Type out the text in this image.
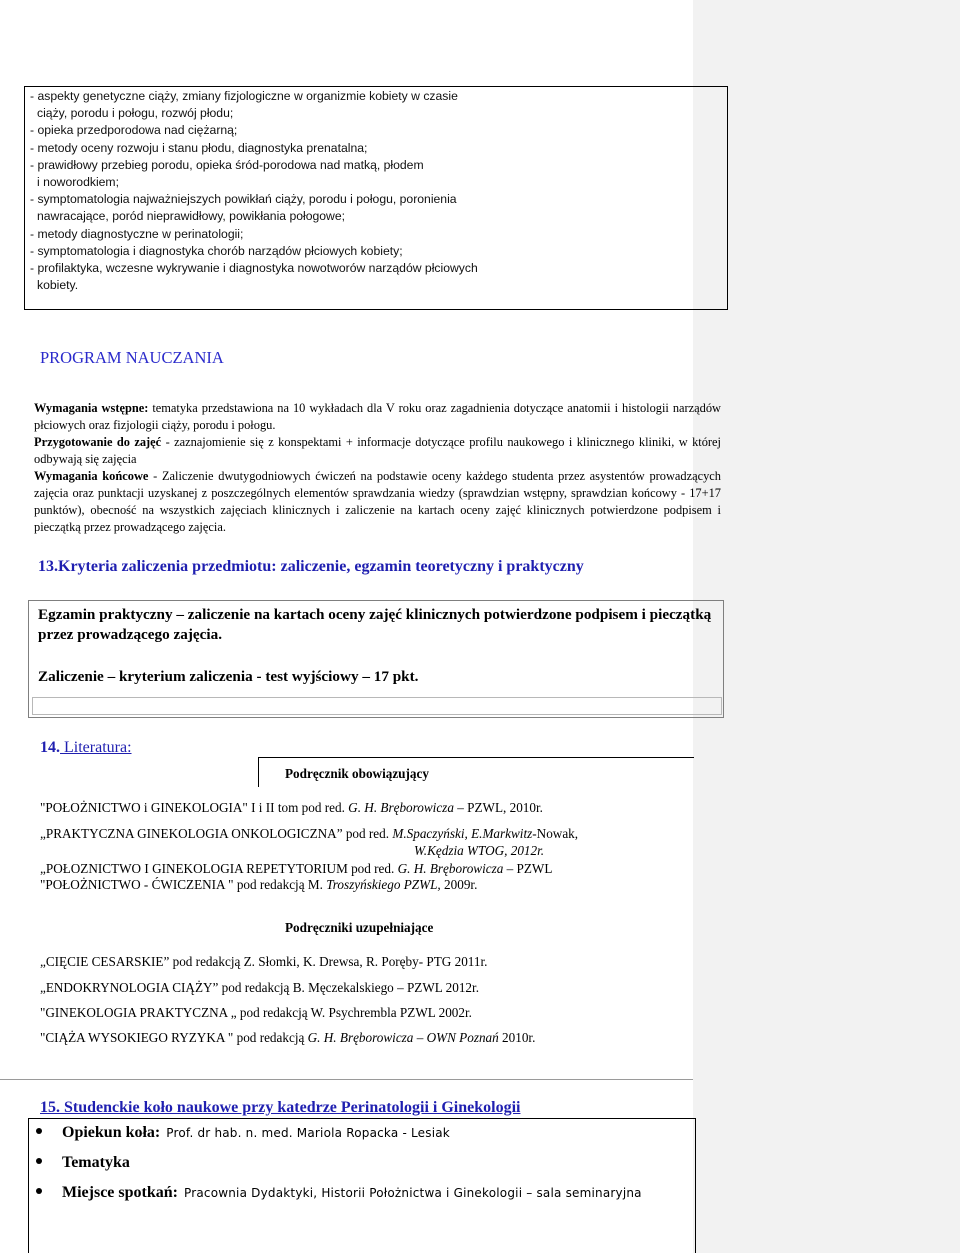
- aspekty genetyczne ciąży, zmiany fizjologiczne w organizmie kobiety w czasie
ciąży, porodu i połogu, rozwój płodu;
- opieka przedporodowa nad ciężarną;
- metody oceny rozwoju i stanu płodu, diagnostyka prenatalna;
- prawidłowy przebieg porodu, opieka śród-porodowa nad matką, płodem
i noworodkiem;
- symptomatologia najważniejszych powikłań ciąży, porodu i połogu, poronienia
nawracające, poród nieprawidłowy, powikłania połogowe;
- metody diagnostyczne w perinatologii;
- symptomatologia i diagnostyka chorób narządów płciowych kobiety;
- profilaktyka, wczesne wykrywanie i diagnostyka nowotworów narządów płciowych
kobiety.
PROGRAM NAUCZANIA

Wymagania wstępne: tematyka przedstawiona na 10 wykładach dla V roku oraz zagadnienia dotyczące anatomii i histologii narządów płciowych oraz fizjologii ciąży, porodu i połogu.

Przygotowanie do zajęć - zaznajomienie się z konspektami + informacje dotyczące profilu naukowego i klinicznego kliniki, w której odbywają się zajęcia

Wymagania końcowe - Zaliczenie dwutygodniowych ćwiczeń na podstawie oceny każdego studenta przez asystentów prowadzących zajęcia oraz punktacji uzyskanej z poszczególnych elementów sprawdzania wiedzy (sprawdzian wstępny, sprawdzian końcowy - 17+17 punktów), obecność na wszystkich zajęciach klinicznych i zaliczenie na kartach oceny zajęć klinicznych potwierdzone podpisem i pieczątką przez prowadzącego zajęcia.

13.Kryteria zaliczenia przedmiotu: zaliczenie, egzamin teoretyczny i praktyczny
Egzamin praktyczny – zaliczenie na kartach oceny zajęć klinicznych potwierdzone podpisem i pieczątką przez prowadzącego zajęcia.
Zaliczenie – kryterium zaliczenia - test wyjściowy – 17 pkt.
14. Literatura:
Podręcznik obowiązujący
"POŁOŻNICTWO i GINEKOLOGIA" I i II tom pod red. G. H. Bręborowicza – PZWL, 2010r.
„PRAKTYCZNA GINEKOLOGIA ONKOLOGICZNA” pod red. M.Spaczyński, E.Markwitz-Nowak,
W.Kędzia WTOG, 2012r.
„POŁOZNICTWO I GINEKOLOGIA REPETYTORIUM pod red. G. H. Bręborowicza – PZWL
"POŁOŻNICTWO - ĆWICZENIA " pod redakcją M. Troszyńskiego PZWL, 2009r.
Podręczniki uzupełniające
„CIĘCIE CESARSKIE” pod redakcją Z. Słomki, K. Drewsa, R. Poręby- PTG 2011r.
„ENDOKRYNOLOGIA CIĄŻY” pod redakcją B. Męczekalskiego – PZWL 2012r.
"GINEKOLOGIA PRAKTYCZNA „ pod redakcją W. Psychrembla PZWL 2002r.
"CIĄŻA WYSOKIEGO RYZYKA " pod redakcją G. H. Bręborowicza – OWN Poznań 2010r.
15. Studenckie koło naukowe przy katedrze Perinatologii i Ginekologii
Opiekun koła: Prof. dr hab. n. med. Mariola Ropacka - Lesiak
Tematyka
Miejsce spotkań: Pracownia Dydaktyki, Historii Położnictwa i Ginekologii – sala seminaryjna
